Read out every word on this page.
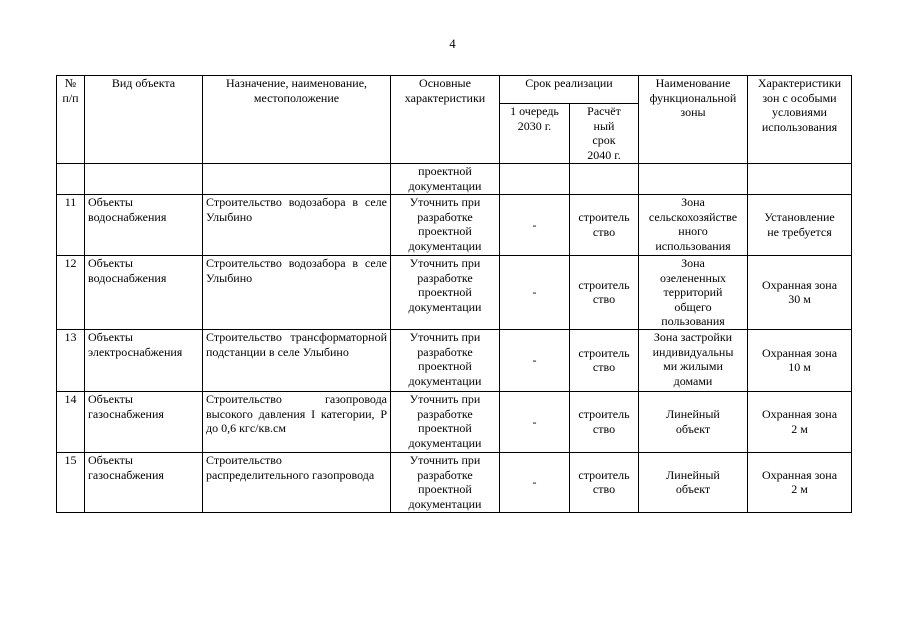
4
№ п/п	Вид объекта	Назначение, наименование, местоположение	Основные характеристики	Срок реализации		Наименование
функциональной
зоны	Характеристики
зон с особыми
условиями
использования
				1 очередь 2030 г.	Расчёт
ный
срок
2040 г.		
			проектной
документации				
11	Объекты водоснабжения	Строительство водозабора в селе Улыбино	Уточнить при
разработке
проектной
документации	-	строитель
ство	Зона
сельскохозяйстве
нного
использования	Установление
не требуется
12	Объекты водоснабжения	Строительство водозабора в селе Улыбино	Уточнить при
разработке
проектной
документации	-	строитель
ство	Зона
озелененных
территорий
общего
пользования	Охранная зона
30 м
13	Объекты электроснабжения	Строительство трансформаторной подстанции в селе Улыбино	Уточнить при
разработке
проектной
документации	-	строитель
ство	Зона застройки
индивидуальны
ми жилыми
домами	Охранная зона
10 м
14	Объекты газоснабжения	Строительство газопровода высокого давления I категории, Р до 0,6 кгс/кв.см	Уточнить при
разработке
проектной
документации	-	строитель
ство	Линейный
объект	Охранная зона
2 м
15	Объекты газоснабжения	Строительство распределительного газопровода	Уточнить при
разработке
проектной
документации	-	строитель
ство	Линейный
объект	Охранная зона
2 м
